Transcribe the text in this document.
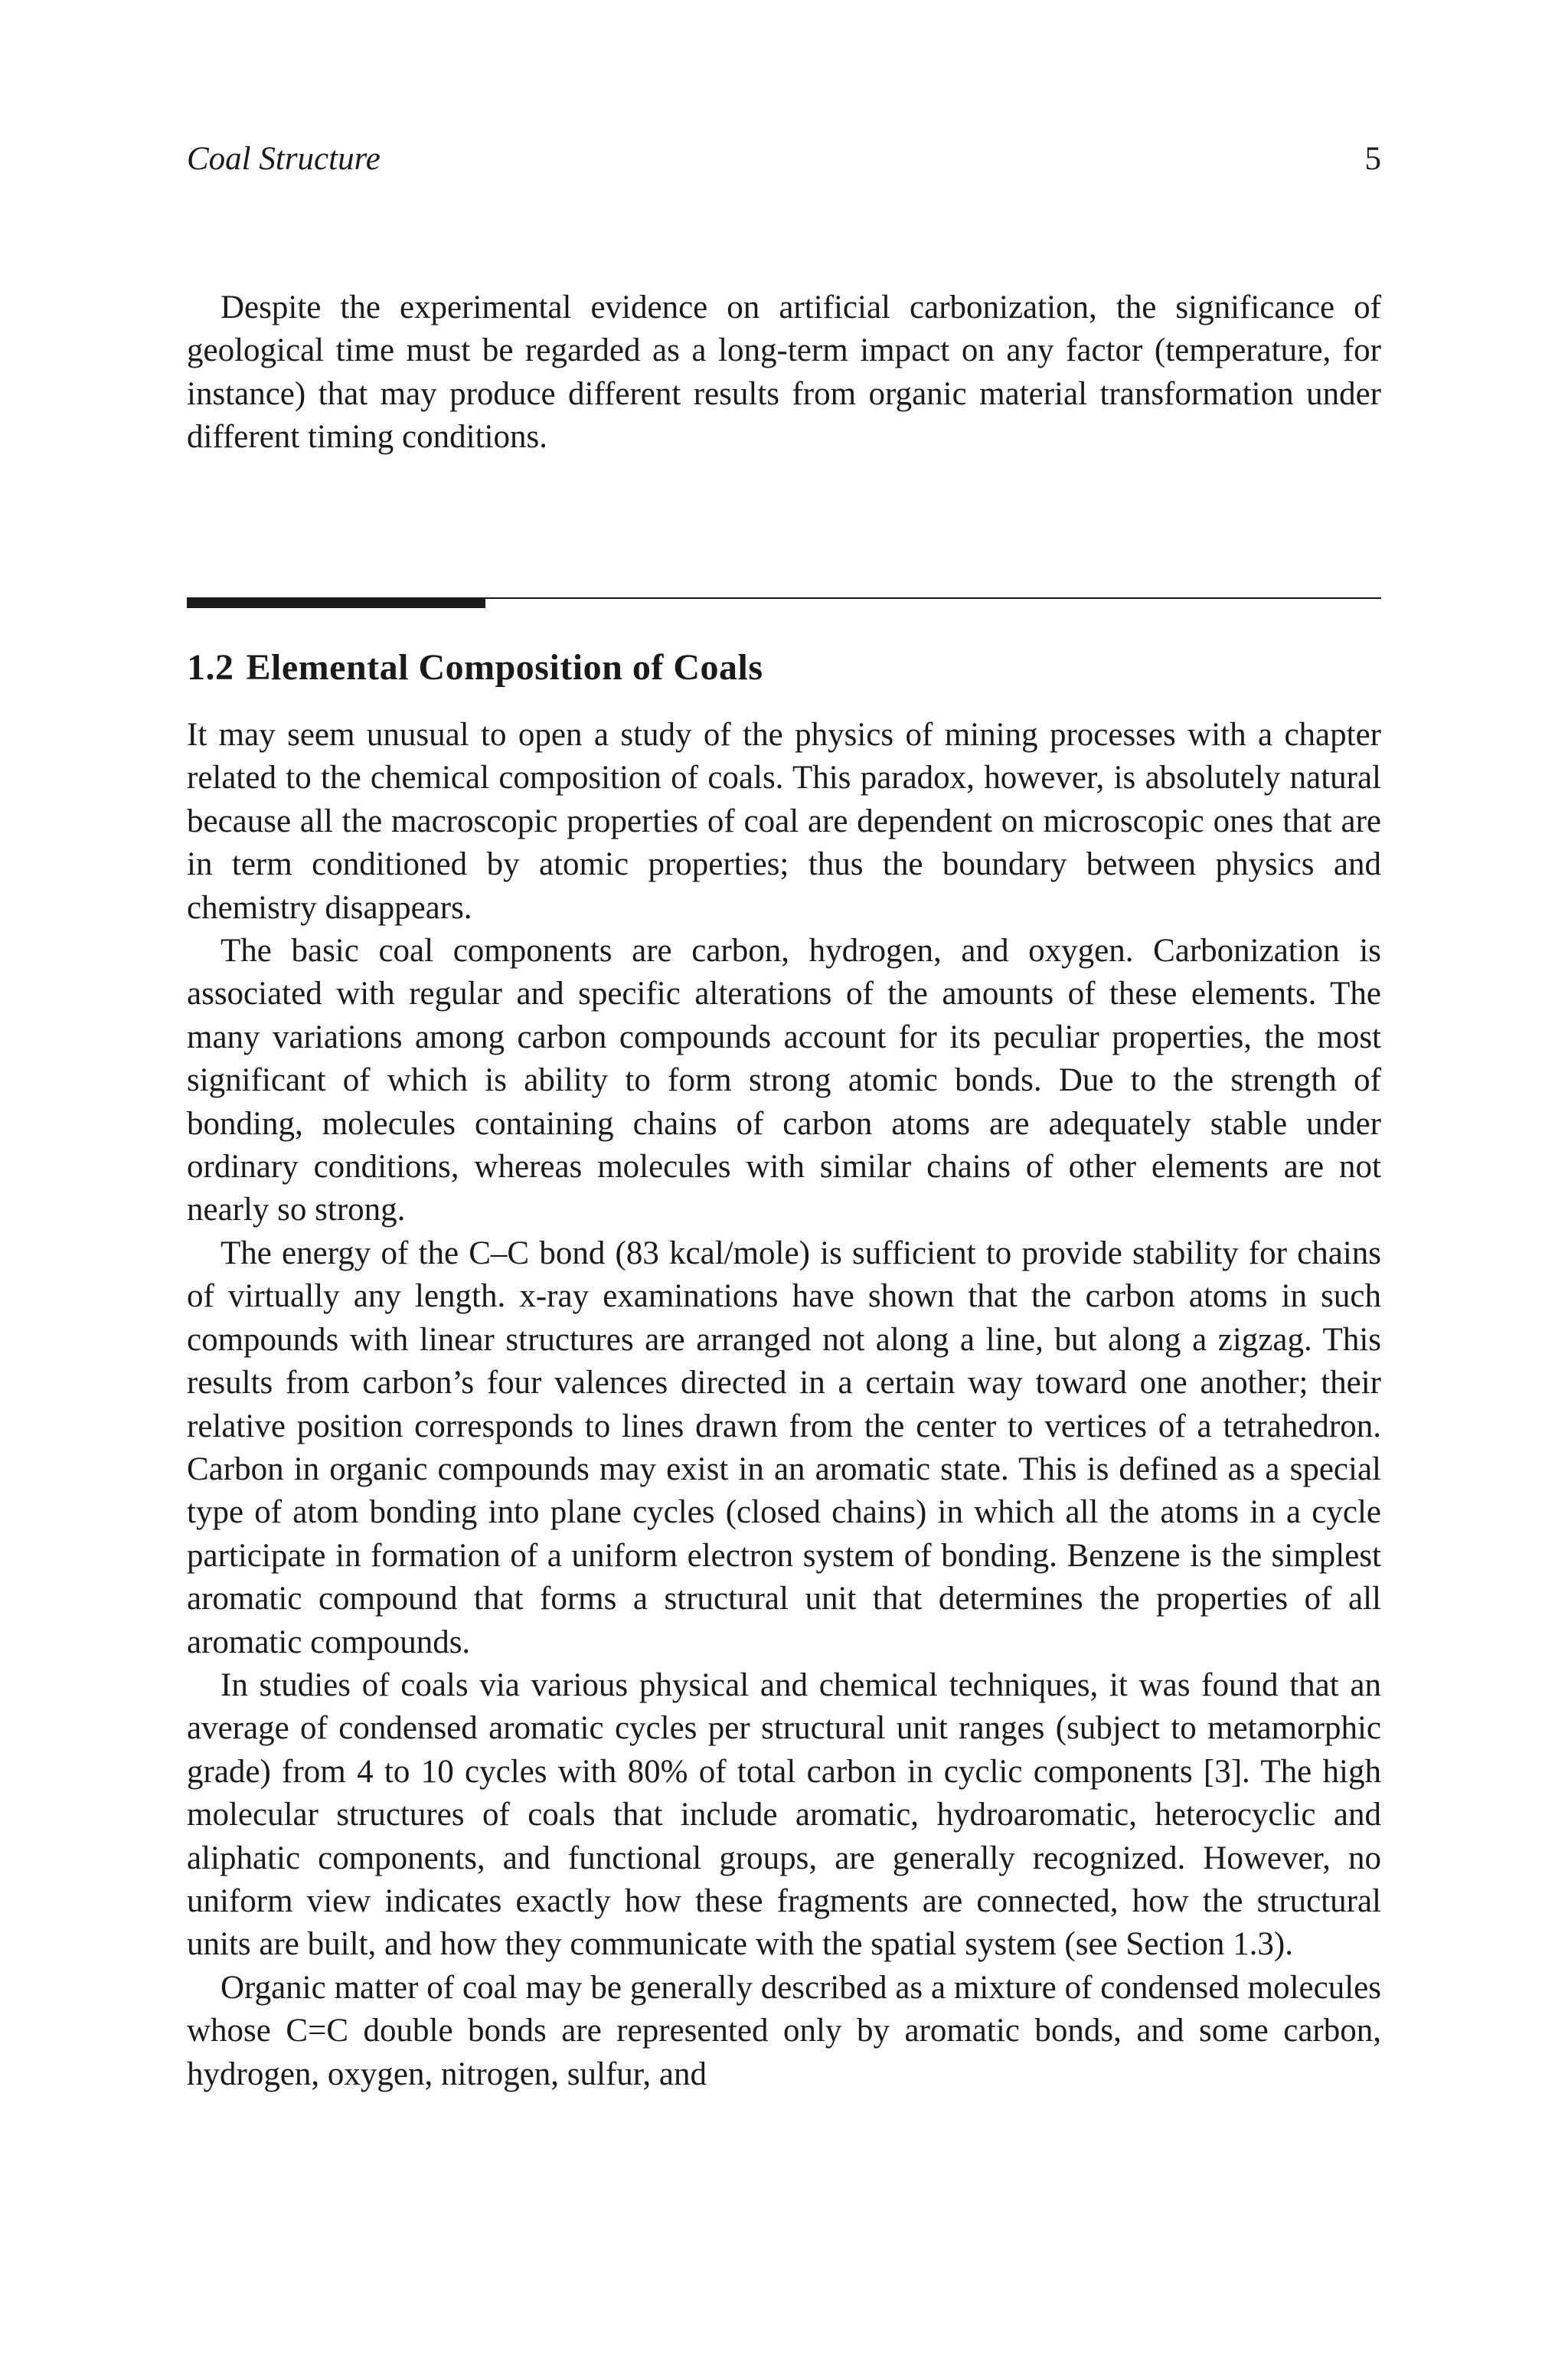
Coal Structure	5

Despite the experimental evidence on artificial carbonization, the significance of geological time must be regarded as a long-term impact on any factor (temperature, for instance) that may produce different results from organic material transformation under different timing conditions.

1.2 Elemental Composition of Coals

It may seem unusual to open a study of the physics of mining processes with a chapter related to the chemical composition of coals. This paradox, however, is absolutely natural because all the macroscopic properties of coal are dependent on microscopic ones that are in term conditioned by atomic properties; thus the boundary between physics and chemistry disappears.

The basic coal components are carbon, hydrogen, and oxygen. Carbonization is associated with regular and specific alterations of the amounts of these elements. The many variations among carbon compounds account for its peculiar properties, the most significant of which is ability to form strong atomic bonds. Due to the strength of bonding, molecules containing chains of carbon atoms are adequately stable under ordinary conditions, whereas molecules with similar chains of other elements are not nearly so strong.

The energy of the C–C bond (83 kcal/mole) is sufficient to provide stability for chains of virtually any length. x-ray examinations have shown that the carbon atoms in such compounds with linear structures are arranged not along a line, but along a zigzag. This results from carbon’s four valences directed in a certain way toward one another; their relative position corresponds to lines drawn from the center to vertices of a tetrahedron. Carbon in organic compounds may exist in an aromatic state. This is defined as a special type of atom bonding into plane cycles (closed chains) in which all the atoms in a cycle participate in formation of a uniform electron system of bonding. Benzene is the simplest aromatic compound that forms a structural unit that determines the properties of all aromatic compounds.

In studies of coals via various physical and chemical techniques, it was found that an average of condensed aromatic cycles per structural unit ranges (subject to metamorphic grade) from 4 to 10 cycles with 80% of total carbon in cyclic components [3]. The high molecular structures of coals that include aromatic, hydroaromatic, heterocyclic and aliphatic components, and functional groups, are generally recognized. However, no uniform view indicates exactly how these fragments are connected, how the structural units are built, and how they communicate with the spatial system (see Section 1.3).

Organic matter of coal may be generally described as a mixture of condensed molecules whose C=C double bonds are represented only by aromatic bonds, and some carbon, hydrogen, oxygen, nitrogen, sulfur, and
